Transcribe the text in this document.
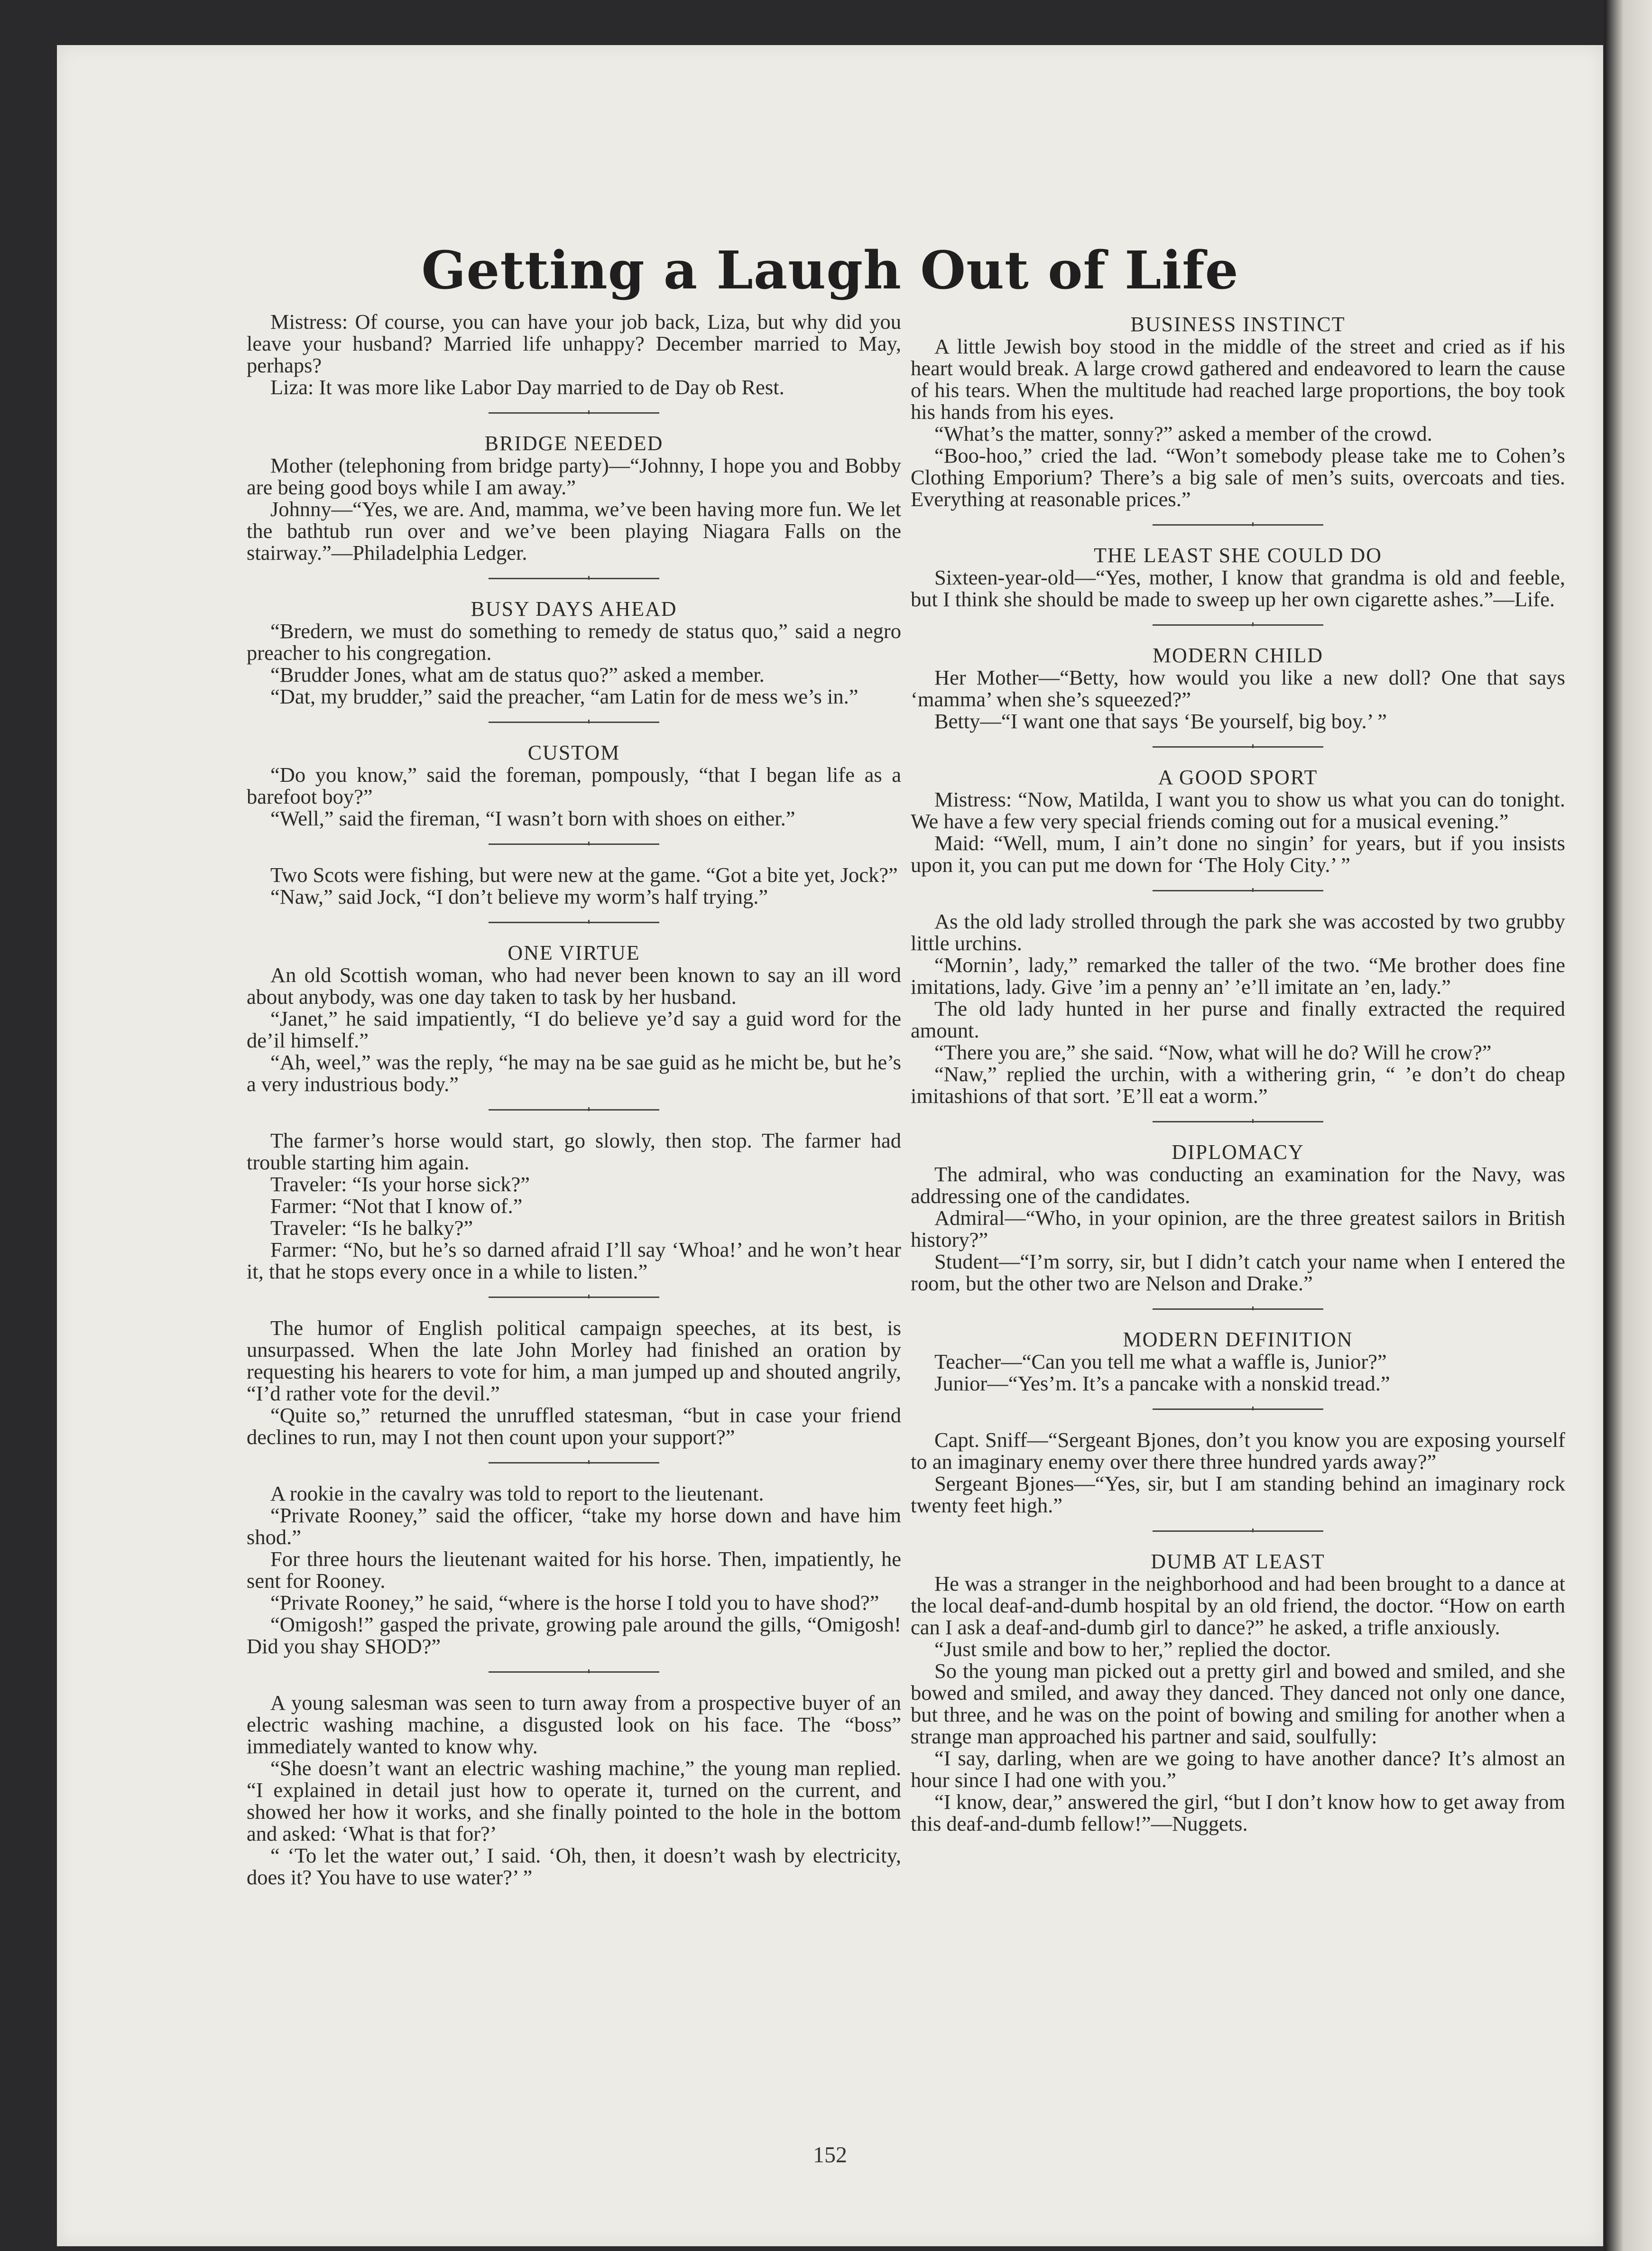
Getting a Laugh Out of Life

Mistress: Of course, you can have your job back, Liza, but why did you leave your husband? Married life unhappy? December married to May, perhaps?

Liza: It was more like Labor Day married to de Day ob Rest.

BRIDGE NEEDED

Mother (telephoning from bridge party)—“Johnny, I hope you and Bobby are being good boys while I am away.”

Johnny—“Yes, we are. And, mamma, we’ve been having more fun. We let the bathtub run over and we’ve been playing Niagara Falls on the stairway.”—Philadelphia Ledger.

BUSY DAYS AHEAD

“Bredern, we must do something to remedy de status quo,” said a negro preacher to his congregation.

“Brudder Jones, what am de status quo?” asked a member.

“Dat, my brudder,” said the preacher, “am Latin for de mess we’s in.”

CUSTOM

“Do you know,” said the foreman, pompously, “that I began life as a barefoot boy?”

“Well,” said the fireman, “I wasn’t born with shoes on either.”

Two Scots were fishing, but were new at the game. “Got a bite yet, Jock?”

“Naw,” said Jock, “I don’t believe my worm’s half trying.”

ONE VIRTUE

An old Scottish woman, who had never been known to say an ill word about anybody, was one day taken to task by her husband.

“Janet,” he said impatiently, “I do believe ye’d say a guid word for the de’il himself.”

“Ah, weel,” was the reply, “he may na be sae guid as he micht be, but he’s a very industrious body.”

The farmer’s horse would start, go slowly, then stop. The farmer had trouble starting him again.

Traveler: “Is your horse sick?”

Farmer: “Not that I know of.”

Traveler: “Is he balky?”

Farmer: “No, but he’s so darned afraid I’ll say ‘Whoa!’ and he won’t hear it, that he stops every once in a while to listen.”

The humor of English political campaign speeches, at its best, is unsurpassed. When the late John Morley had finished an oration by requesting his hearers to vote for him, a man jumped up and shouted angrily, “I’d rather vote for the devil.”

“Quite so,” returned the unruffled statesman, “but in case your friend declines to run, may I not then count upon your support?”

A rookie in the cavalry was told to report to the lieutenant.

“Private Rooney,” said the officer, “take my horse down and have him shod.”

For three hours the lieutenant waited for his horse. Then, impatiently, he sent for Rooney.

“Private Rooney,” he said, “where is the horse I told you to have shod?”

“Omigosh!” gasped the private, growing pale around the gills, “Omigosh! Did you shay SHOD?”

A young salesman was seen to turn away from a prospective buyer of an electric washing machine, a disgusted look on his face. The “boss” immediately wanted to know why.

“She doesn’t want an electric washing machine,” the young man replied. “I explained in detail just how to operate it, turned on the current, and showed her how it works, and she finally pointed to the hole in the bottom and asked: ‘What is that for?’

“ ‘To let the water out,’ I said. ‘Oh, then, it doesn’t wash by electricity, does it? You have to use water?’ ”

BUSINESS INSTINCT

A little Jewish boy stood in the middle of the street and cried as if his heart would break. A large crowd gathered and endeavored to learn the cause of his tears. When the multitude had reached large proportions, the boy took his hands from his eyes.

“What’s the matter, sonny?” asked a member of the crowd.

“Boo-hoo,” cried the lad. “Won’t somebody please take me to Cohen’s Clothing Emporium? There’s a big sale of men’s suits, overcoats and ties. Everything at reasonable prices.”

THE LEAST SHE COULD DO

Sixteen-year-old—“Yes, mother, I know that grandma is old and feeble, but I think she should be made to sweep up her own cigarette ashes.”—Life.

MODERN CHILD

Her Mother—“Betty, how would you like a new doll? One that says ‘mamma’ when she’s squeezed?”

Betty—“I want one that says ‘Be yourself, big boy.’ ”

A GOOD SPORT

Mistress: “Now, Matilda, I want you to show us what you can do tonight. We have a few very special friends coming out for a musical evening.”

Maid: “Well, mum, I ain’t done no singin’ for years, but if you insists upon it, you can put me down for ‘The Holy City.’ ”

As the old lady strolled through the park she was accosted by two grubby little urchins.

“Mornin’, lady,” remarked the taller of the two. “Me brother does fine imitations, lady. Give ’im a penny an’ ’e’ll imitate an ’en, lady.”

The old lady hunted in her purse and finally extracted the required amount.

“There you are,” she said. “Now, what will he do? Will he crow?”

“Naw,” replied the urchin, with a withering grin, “ ’e don’t do cheap imitashions of that sort. ’E’ll eat a worm.”

DIPLOMACY

The admiral, who was conducting an examination for the Navy, was addressing one of the candidates.

Admiral—“Who, in your opinion, are the three greatest sailors in British history?”

Student—“I’m sorry, sir, but I didn’t catch your name when I entered the room, but the other two are Nelson and Drake.”

MODERN DEFINITION

Teacher—“Can you tell me what a waffle is, Junior?”

Junior—“Yes’m. It’s a pancake with a nonskid tread.”

Capt. Sniff—“Sergeant Bjones, don’t you know you are exposing yourself to an imaginary enemy over there three hundred yards away?”

Sergeant Bjones—“Yes, sir, but I am standing behind an imaginary rock twenty feet high.”

DUMB AT LEAST

He was a stranger in the neighborhood and had been brought to a dance at the local deaf-and-dumb hospital by an old friend, the doctor. “How on earth can I ask a deaf-and-dumb girl to dance?” he asked, a trifle anxiously.

“Just smile and bow to her,” replied the doctor.

So the young man picked out a pretty girl and bowed and smiled, and she bowed and smiled, and away they danced. They danced not only one dance, but three, and he was on the point of bowing and smiling for another when a strange man approached his partner and said, soulfully:

“I say, darling, when are we going to have another dance? It’s almost an hour since I had one with you.”

“I know, dear,” answered the girl, “but I don’t know how to get away from this deaf-and-dumb fellow!”—Nuggets.

152
